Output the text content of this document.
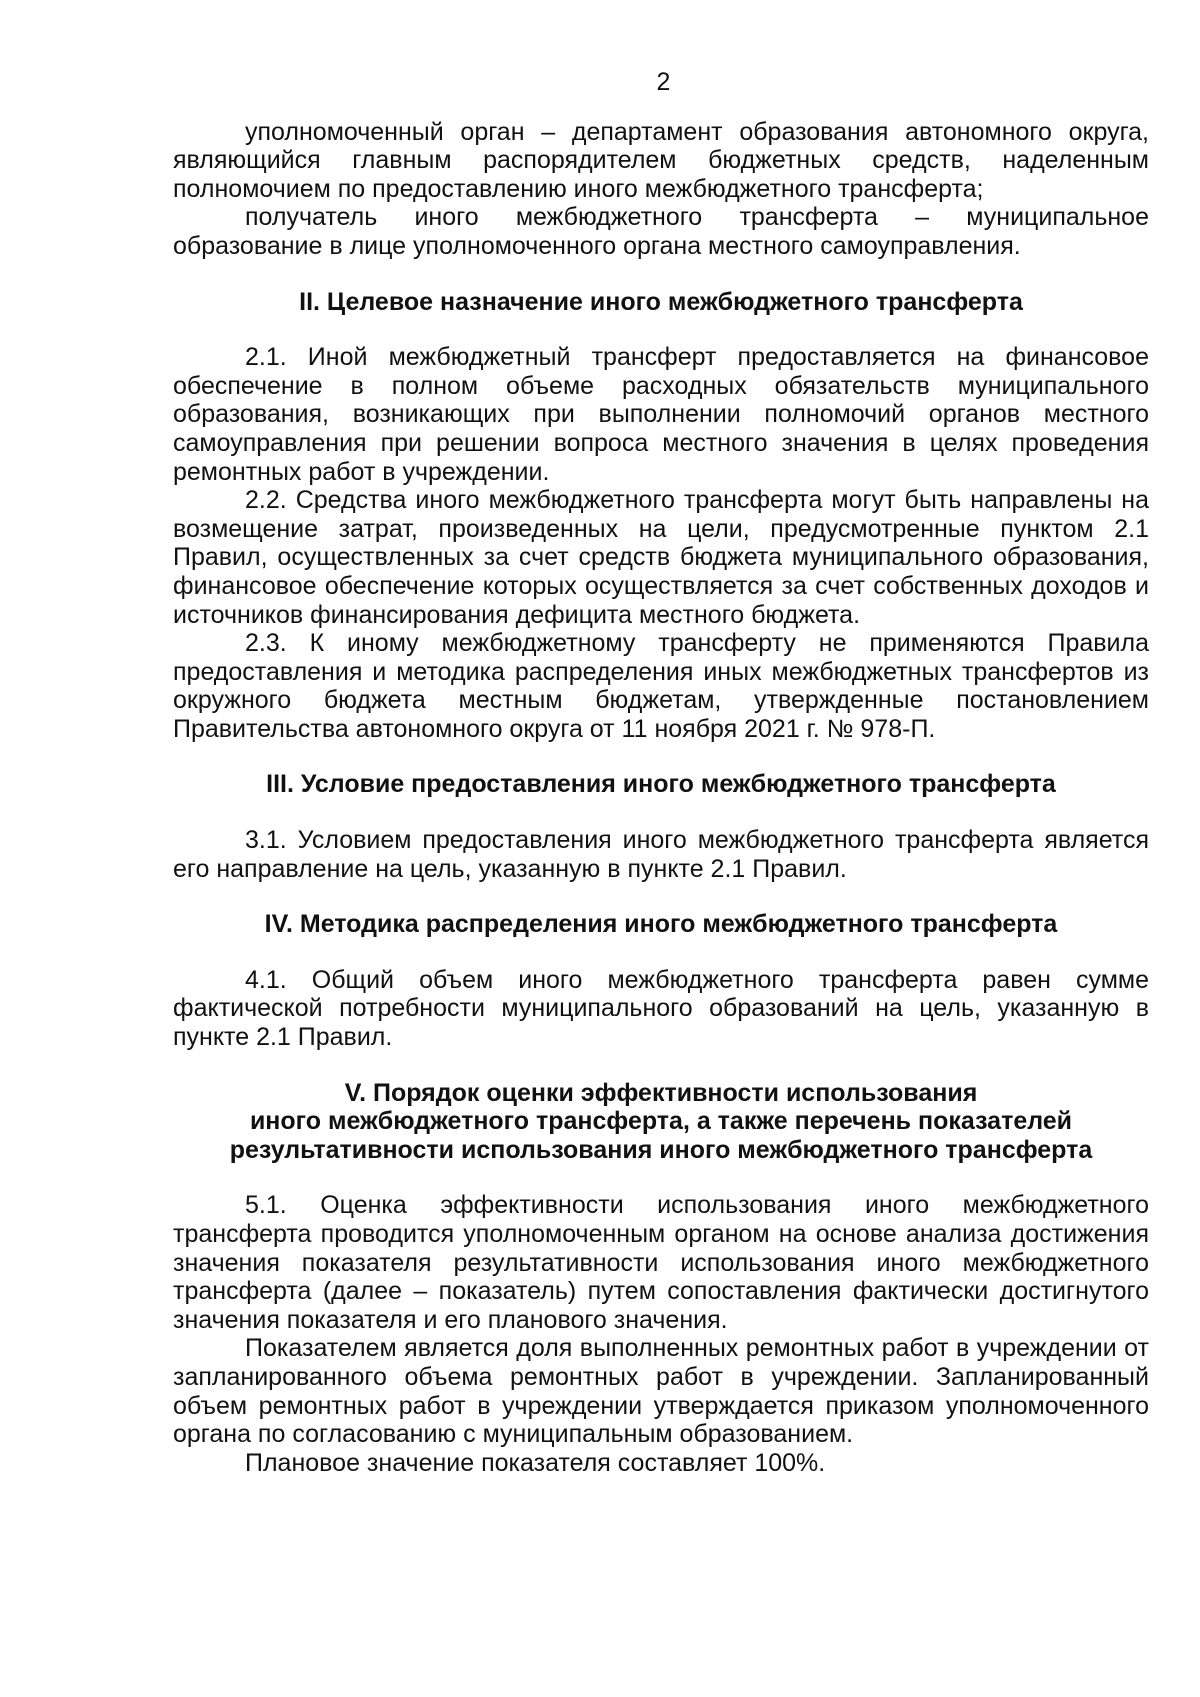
2

уполномоченный орган – департамент образования автономного округа, являющийся главным распорядителем бюджетных средств, наделенным полномочием по предоставлению иного межбюджетного трансферта;

получатель иного межбюджетного трансферта – муниципальное образование в лице уполномоченного органа местного самоуправления.

II. Целевое назначение иного межбюджетного трансферта

2.1. Иной межбюджетный трансферт предоставляется на финансовое обеспечение в полном объеме расходных обязательств муниципального образования, возникающих при выполнении полномочий органов местного самоуправления при решении вопроса местного значения в целях проведения ремонтных работ в учреждении.

2.2. Средства иного межбюджетного трансферта могут быть направлены на возмещение затрат, произведенных на цели, предусмотренные пунктом 2.1 Правил, осуществленных за счет средств бюджета муниципального образования, финансовое обеспечение которых осуществляется за счет собственных доходов и источников финансирования дефицита местного бюджета.

2.3. К иному межбюджетному трансферту не применяются Правила предоставления и методика распределения иных межбюджетных трансфертов из окружного бюджета местным бюджетам, утвержденные постановлением Правительства автономного округа от 11 ноября 2021 г. № 978-П.

III. Условие предоставления иного межбюджетного трансферта

3.1. Условием предоставления иного межбюджетного трансферта является его направление на цель, указанную в пункте 2.1 Правил.

IV. Методика распределения иного межбюджетного трансферта

4.1. Общий объем иного межбюджетного трансферта равен сумме фактической потребности муниципального образований на цель, указанную в пункте 2.1 Правил.

V. Порядок оценки эффективности использования
иного межбюджетного трансферта, а также перечень показателей
результативности использования иного межбюджетного трансферта

5.1. Оценка эффективности использования иного межбюджетного трансферта проводится уполномоченным органом на основе анализа достижения значения показателя результативности использования иного межбюджетного трансферта (далее – показатель) путем сопоставления фактически достигнутого значения показателя и его планового значения.

Показателем является доля выполненных ремонтных работ в учреждении от запланированного объема ремонтных работ в учреждении. Запланированный объем ремонтных работ в учреждении утверждается приказом уполномоченного органа по согласованию с муниципальным образованием.

Плановое значение показателя составляет 100%.
